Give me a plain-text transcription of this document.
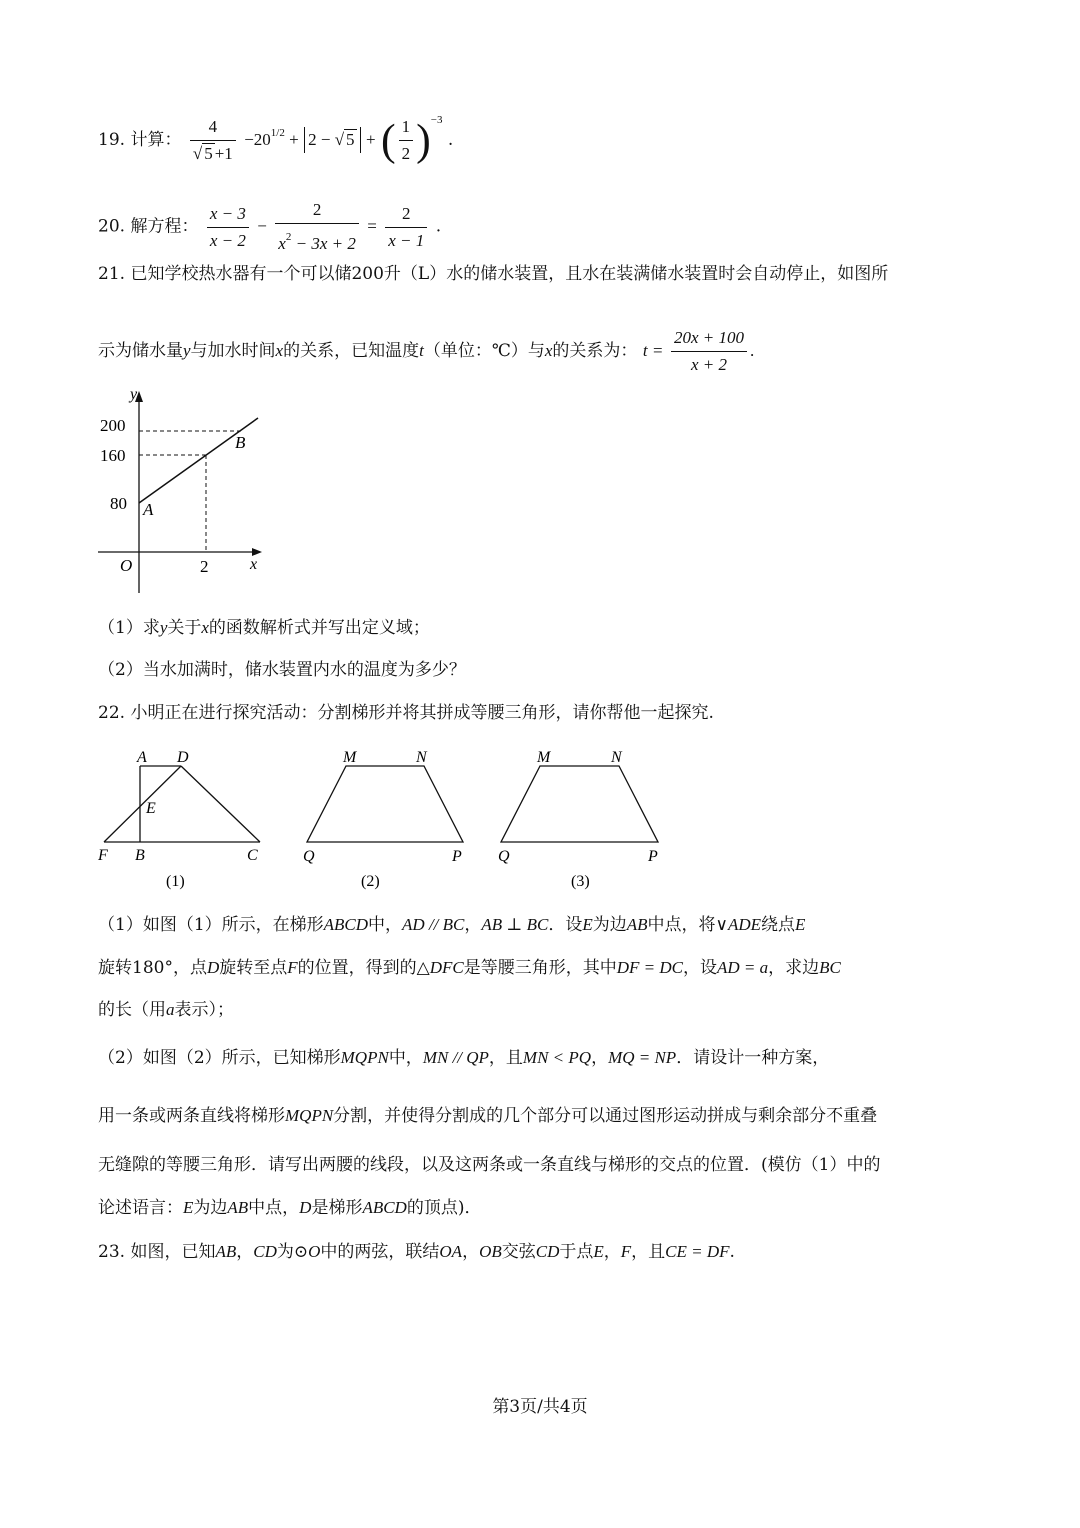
19. 计算： $\frac{4}{√ 5 +1} -20^{1/2} + 2$ − √ 5 + ( $\frac{1}{2} )^{-3}$ .
20. 解方程： $\frac{x - 3}{x - 2} - \frac{2}{x^2 - 3x + 2} = \frac{2}{x - 1}$ .
21. 已知学校热水器有一个可以储200升（L）水的储水装置，且水在装满储水装置时会自动停止，如图所
示为储水量y与加水时间x的关系，已知温度t（单位：℃）与x的关系为： $t = \frac{20x + 100}{x + 2}$ .
y
x
O
200
160
80
2
A
B
（1）求y关于x的函数解析式并写出定义域；
（2）当水加满时，储水装置内水的温度为多少？
22. 小明正在进行探究活动：分割梯形并将其拼成等腰三角形，请你帮他一起探究.
A D
E
F B	C
(1)
M	N
Q	P
(2)
M	N
Q	P
(3)
（1）如图（1）所示，在梯形ABCD中，AD // BC，AB ⊥ BC．设E为边AB中点，将∨ADE绕点E
旋转180°，点D旋转至点F的位置，得到的△DFC是等腰三角形，其中DF = DC，设AD = a，求边BC
的长（用a表示）；
（2）如图（2）所示，已知梯形MQPN中，MN // QP，且MN < PQ，MQ = NP．请设计一种方案，
用一条或两条直线将梯形MQPN分割，并使得分割成的几个部分可以通过图形运动拼成与剩余部分不重叠
无缝隙的等腰三角形．请写出两腰的线段，以及这两条或一条直线与梯形的交点的位置．(模仿（1）中的
论述语言：E为边AB中点，D是梯形ABCD的顶点)．
23. 如图，已知AB，CD为⊙O中的两弦，联结OA，OB交弦CD于点E，F，且CE = DF.
第3页/共4页
